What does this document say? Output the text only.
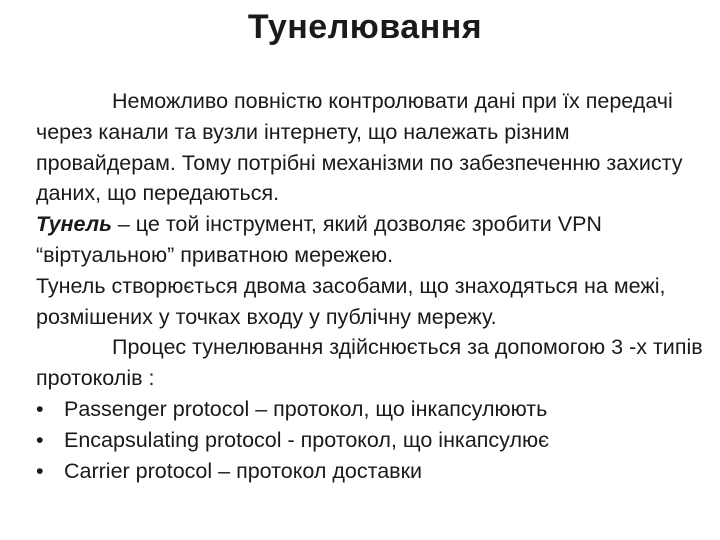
Тунелювання

Неможливо повністю контролювати дані при їх передачі через канали та вузли інтернету, що належать різним провайдерам. Тому потрібні механізми по забезпеченню захисту даних, що передаються.

Тунель – це той інструмент, який дозволяє зробити VPN “віртуальною” приватною мережею.

Тунель створюється двома засобами, що знаходяться на межі, розмішених у точках входу у публічну мережу.

Процес тунелювання здійснюється за допомогою 3 -х типів протоколів :

• Passenger protocol – протокол, що інкапсулюють
• Encapsulating protocol - протокол, що інкапсулює
• Carrier protocol – протокол доставки
